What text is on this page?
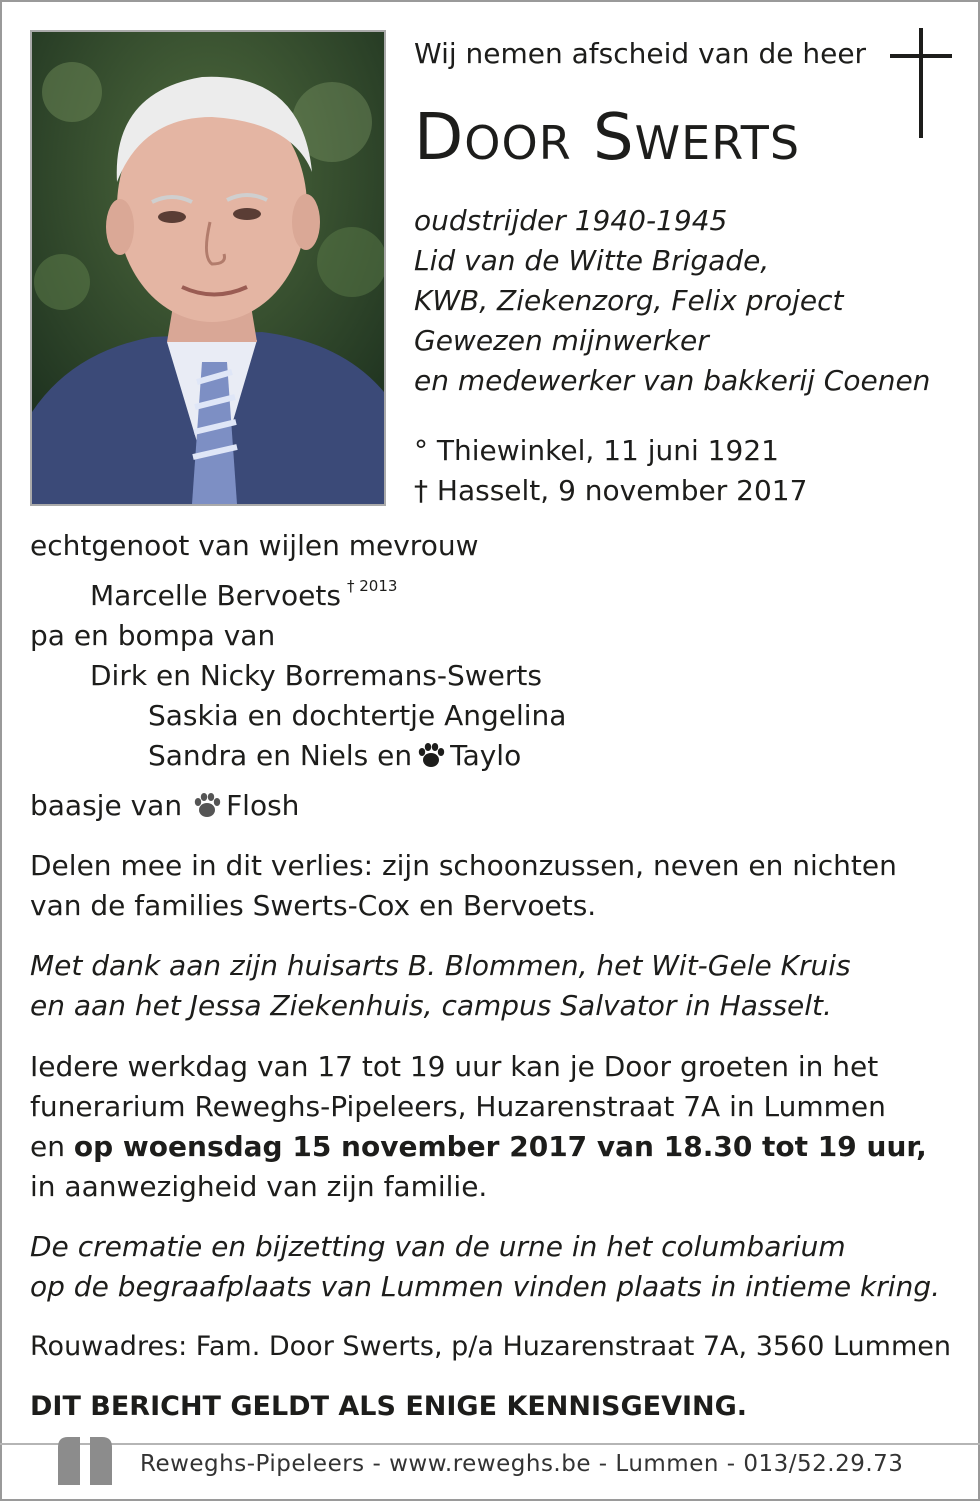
Wij nemen afscheid van de heer
DOOR SWERTS
oudstrijder 1940-1945
Lid van de Witte Brigade,
KWB, Ziekenzorg, Felix project
Gewezen mijnwerker
en medewerker van bakkerij Coenen
° Thiewinkel, 11 juni 1921
† Hasselt, 9 november 2017
echtgenoot van wijlen mevrouw
Marcelle Bervoets $^{\dagger 2013}$
pa en bompa van
Dirk en Nicky Borremans-Swerts
Saskia en dochtertje Angelina
Sandra en Niels en Taylo
baasje van Flosh
Delen mee in dit verlies: zijn schoonzussen, neven en nichten
van de families Swerts-Cox en Bervoets.
Met dank aan zijn huisarts B. Blommen, het Wit-Gele Kruis
en aan het Jessa Ziekenhuis, campus Salvator in Hasselt.
Iedere werkdag van 17 tot 19 uur kan je Door groeten in het
funerarium Reweghs-Pipeleers, Huzarenstraat 7A in Lummen
en op woensdag 15 november 2017 van 18.30 tot 19 uur,
in aanwezigheid van zijn familie.
De crematie en bijzetting van de urne in het columbarium
op de begraafplaats van Lummen vinden plaats in intieme kring.
Rouwadres: Fam. Door Swerts, p/a Huzarenstraat 7A, 3560 Lummen
DIT BERICHT GELDT ALS ENIGE KENNISGEVING.
Reweghs-Pipeleers - www.reweghs.be - Lummen - 013/52.29.73
